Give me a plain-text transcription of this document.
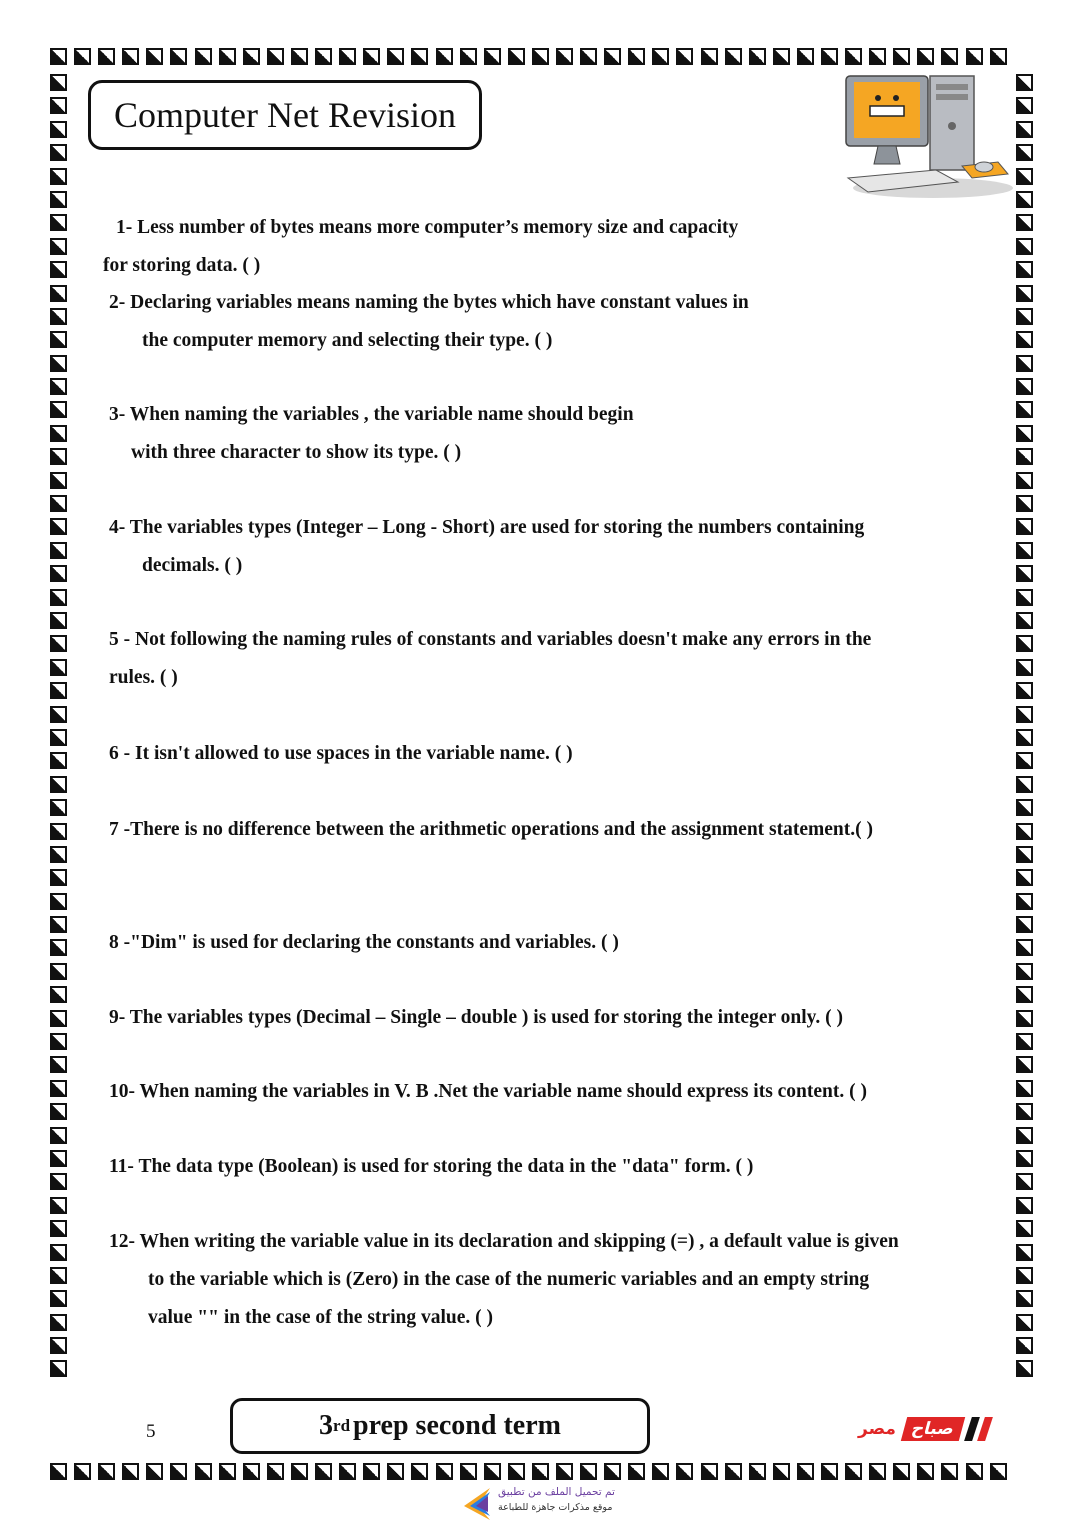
Computer Net Revision
1- Less number of bytes means more computer’s memory size and capacity
for storing data. ( )
2- Declaring variables means naming the bytes which have constant values in
the computer memory and selecting their type. ( )
3- When naming the variables , the variable name should begin
with three character to show its type. ( )
4- The variables types (Integer – Long - Short) are used for storing the numbers containing
decimals. ( )
5 - Not following the naming rules of constants and variables doesn't make any errors in the
rules. ( )
6 - It isn't allowed to use spaces in the variable name. ( )
7 -There is no difference between the arithmetic operations and the assignment statement.( )
8 -"Dim" is used for declaring the constants and variables. ( )
9- The variables types (Decimal – Single – double ) is used for storing the integer only. ( )
10- When naming the variables in V. B .Net the variable name should express its content. ( )
11- The data type (Boolean) is used for storing the data in the "data" form. ( )
12- When writing the variable value in its declaration and skipping (=) , a default value is given
to the variable which is (Zero) in the case of the numeric variables and an empty string
value "" in the case of the string value. ( )
5	3 rd prep second term	مصر صباح
تم تحميل الملف من تطبيق
موقع مذكرات جاهزة للطباعة
